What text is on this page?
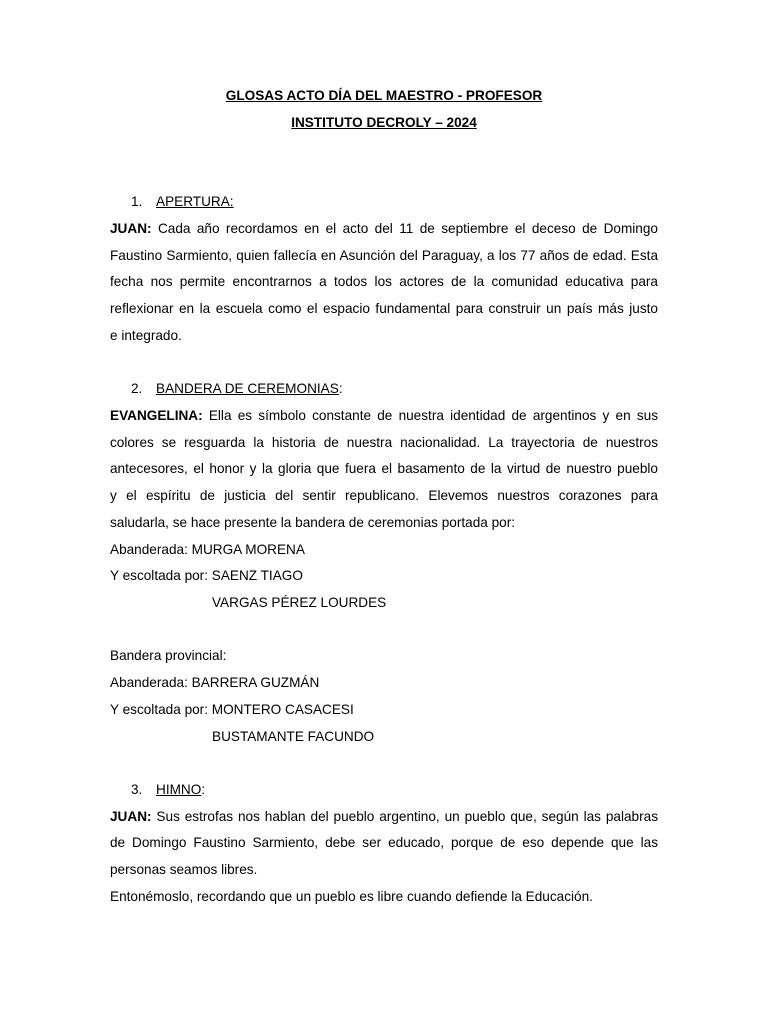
GLOSAS ACTO DÍA DEL MAESTRO - PROFESOR
INSTITUTO DECROLY – 2024
1. APERTURA:
JUAN: Cada año recordamos en el acto del 11 de septiembre el deceso de Domingo
Faustino Sarmiento, quien fallecía en Asunción del Paraguay, a los 77 años de edad. Esta
fecha nos permite encontrarnos a todos los actores de la comunidad educativa para
reflexionar en la escuela como el espacio fundamental para construir un país más justo
e integrado.
2. BANDERA DE CEREMONIAS:
EVANGELINA: Ella es símbolo constante de nuestra identidad de argentinos y en sus
colores se resguarda la historia de nuestra nacionalidad. La trayectoria de nuestros
antecesores, el honor y la gloria que fuera el basamento de la virtud de nuestro pueblo
y el espíritu de justicia del sentir republicano. Elevemos nuestros corazones para
saludarla, se hace presente la bandera de ceremonias portada por:
Abanderada: MURGA MORENA
Y escoltada por: SAENZ TIAGO
VARGAS PÉREZ LOURDES
Bandera provincial:
Abanderada: BARRERA GUZMÁN
Y escoltada por: MONTERO CASACESI
BUSTAMANTE FACUNDO
3. HIMNO:
JUAN: Sus estrofas nos hablan del pueblo argentino, un pueblo que, según las palabras
de Domingo Faustino Sarmiento, debe ser educado, porque de eso depende que las
personas seamos libres.
Entonémoslo, recordando que un pueblo es libre cuando defiende la Educación.
